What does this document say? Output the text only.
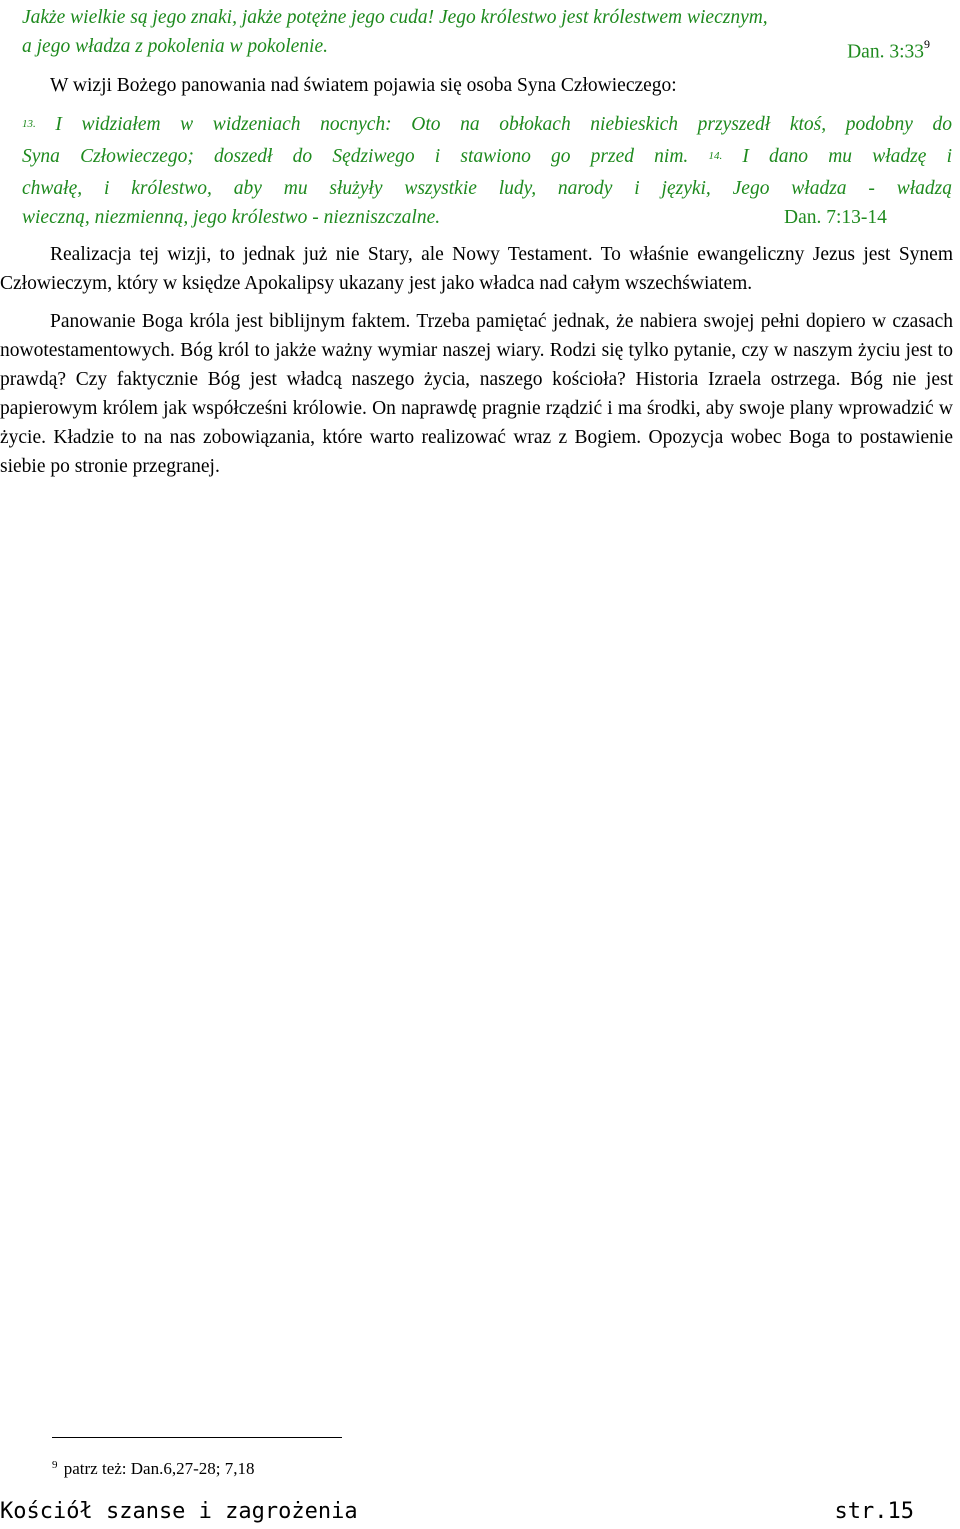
Jakże wielkie są jego znaki, jakże potężne jego cuda! Jego królestwo jest królestwem wiecznym,
a jego władza z pokolenia w pokolenie.	Dan. $3:33^9$
W wizji Bożego panowania nad światem pojawia się osoba Syna Człowieczego:
$^{13.}$ I widziałem w widzeniach nocnych: Oto na obłokach niebieskich przyszedł ktoś, podobny do
Syna Człowieczego; doszedł do Sędziwego i stawiono go przed nim. $^{14.}$ I dano mu władzę i
chwałę, i królestwo, aby mu służyły wszystkie ludy, narody i języki, Jego władza - władzą
wieczną, niezmienną, jego królestwo - niezniszczalne.	Dan. 7:13-14

Realizacja tej wizji, to jednak już nie Stary, ale Nowy Testament. To właśnie ewangeliczny Jezus jest Synem Człowieczym, który w księdze Apokalipsy ukazany jest jako władca nad całym wszechświatem.

Panowanie Boga króla jest biblijnym faktem. Trzeba pamiętać jednak, że nabiera swojej pełni dopiero w czasach nowotestamentowych. Bóg król to jakże ważny wymiar naszej wiary. Rodzi się tylko pytanie, czy w naszym życiu jest to prawdą? Czy faktycznie Bóg jest władcą naszego życia, naszego kościoła? Historia Izraela ostrzega. Bóg nie jest papierowym królem jak współcześni królowie. On naprawdę pragnie rządzić i ma środki, aby swoje plany wprowadzić w życie. Kładzie to na nas zobowiązania, które warto realizować wraz z Bogiem. Opozycja wobec Boga to postawienie siebie po stronie przegranej.

$^9$ patrz też: Dan.6,27-28; 7,18
Kościół szanse i zagrożenia	str.15
